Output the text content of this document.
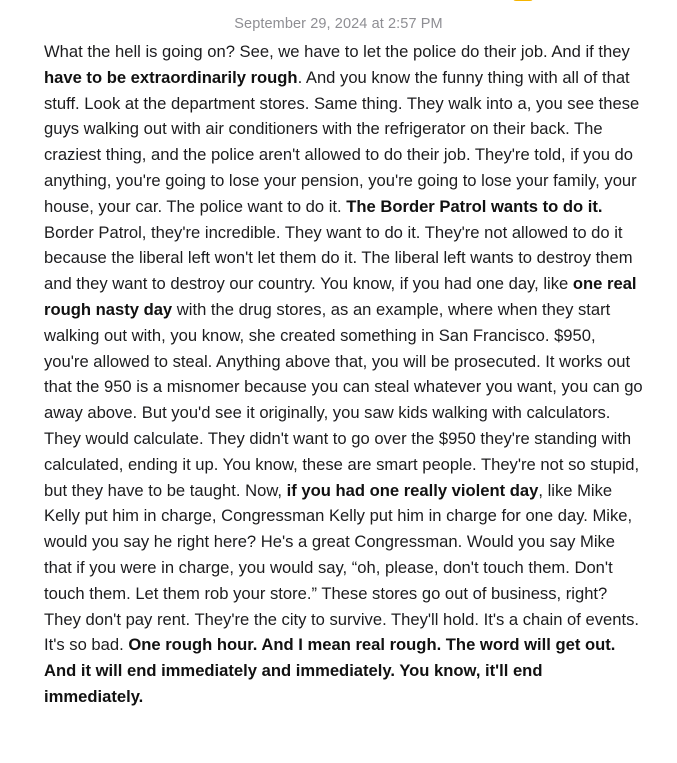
September 29, 2024 at 2:57 PM
What the hell is going on? See, we have to let the police do their job. And if they have to be extraordinarily rough. And you know the funny thing with all of that stuff. Look at the department stores. Same thing. They walk into a, you see these guys walking out with air conditioners with the refrigerator on their back. The craziest thing, and the police aren't allowed to do their job. They're told, if you do anything, you're going to lose your pension, you're going to lose your family, your house, your car. The police want to do it. The Border Patrol wants to do it. Border Patrol, they're incredible. They want to do it. They're not allowed to do it because the liberal left won't let them do it. The liberal left wants to destroy them and they want to destroy our country. You know, if you had one day, like one real rough nasty day with the drug stores, as an example, where when they start walking out with, you know, she created something in San Francisco. $950, you're allowed to steal. Anything above that, you will be prosecuted. It works out that the 950 is a misnomer because you can steal whatever you want, you can go away above. But you'd see it originally, you saw kids walking with calculators. They would calculate. They didn't want to go over the $950 they're standing with calculated, ending it up. You know, these are smart people. They're not so stupid, but they have to be taught. Now, if you had one really violent day, like Mike Kelly put him in charge, Congressman Kelly put him in charge for one day. Mike, would you say he right here? He's a great Congressman. Would you say Mike that if you were in charge, you would say, “oh, please, don't touch them. Don't touch them. Let them rob your store.” These stores go out of business, right? They don't pay rent. They're the city to survive. They'll hold. It's a chain of events. It's so bad. One rough hour. And I mean real rough. The word will get out. And it will end immediately and immediately. You know, it'll end immediately.
